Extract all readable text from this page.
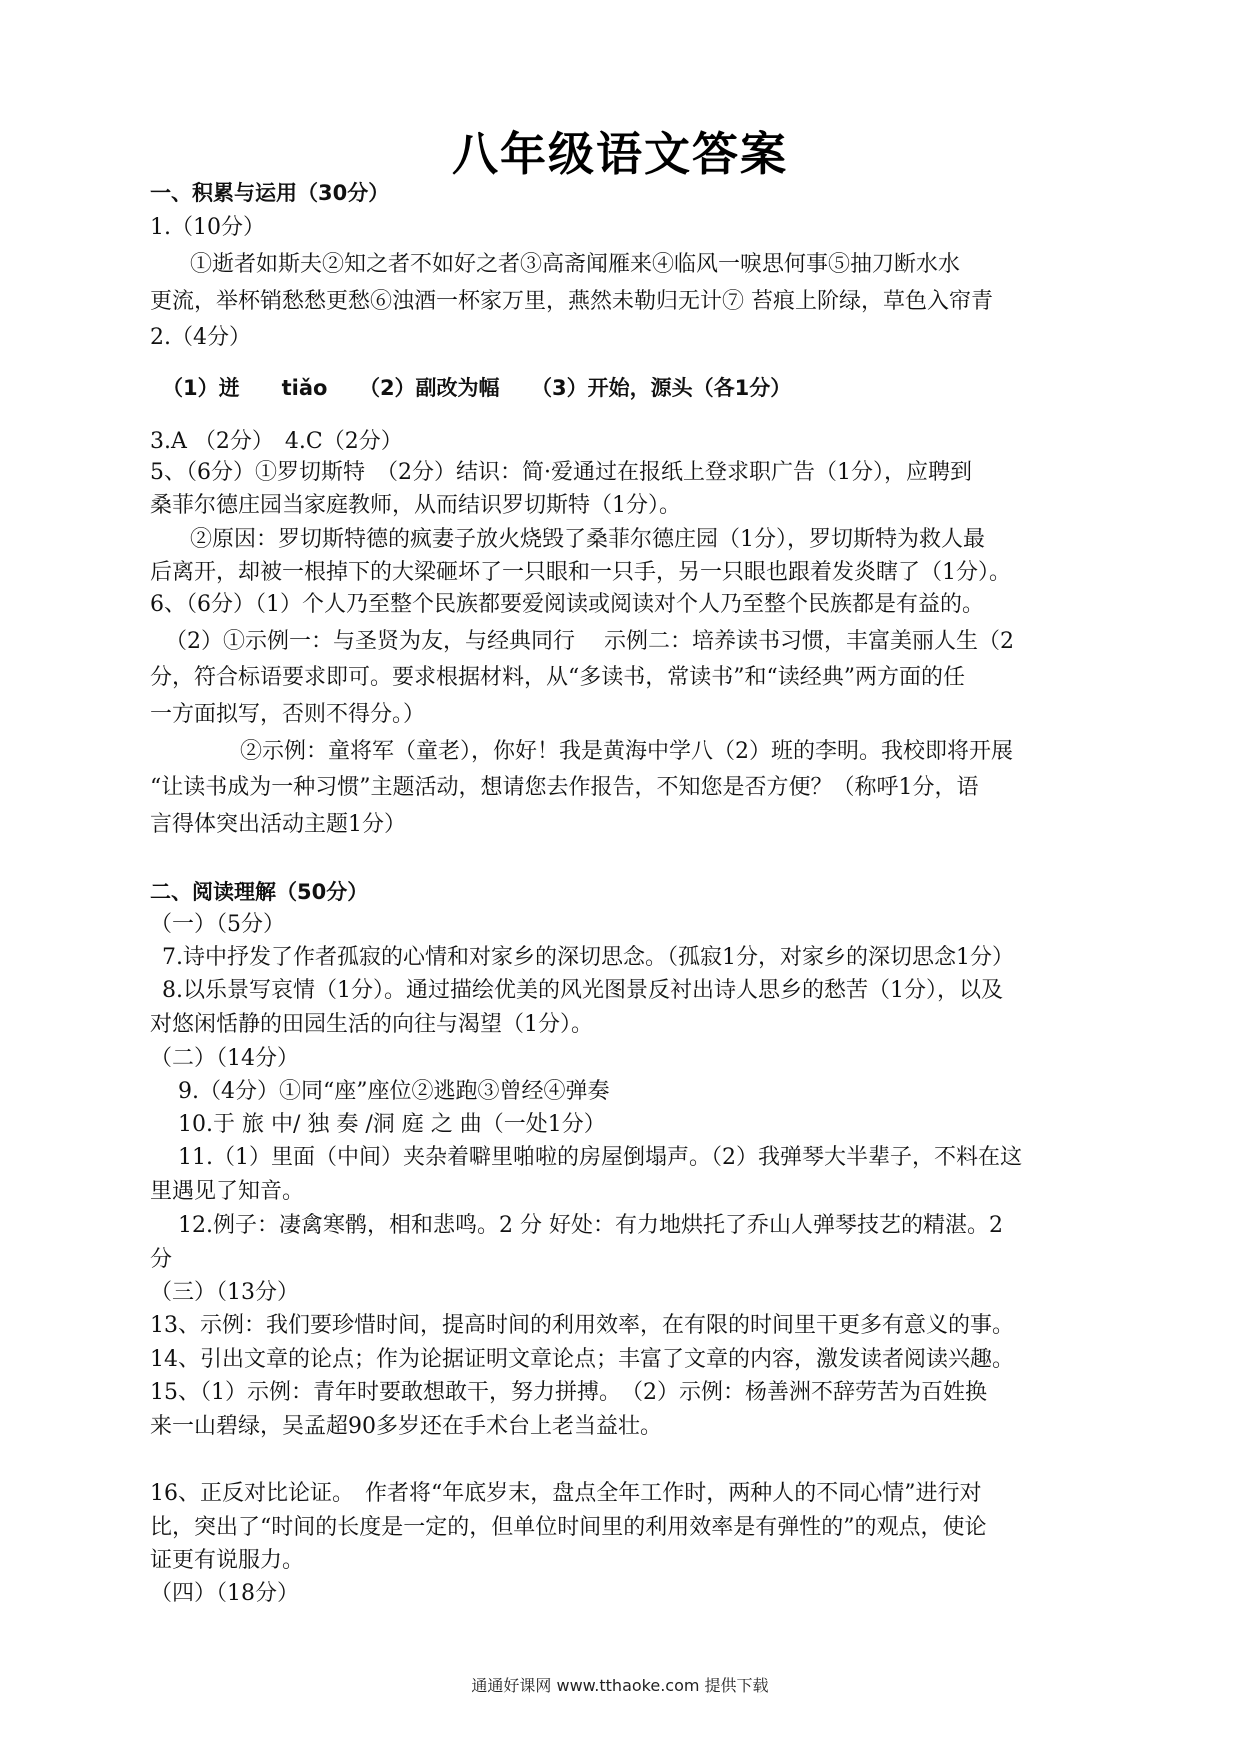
八年级语文答案
一、积累与运用（30分）
1.（10分）
①逝者如斯夫②知之者不如好之者③高斋闻雁来④临风一唳思何事⑤抽刀断水水
更流，举杯销愁愁更愁⑥浊酒一杯家万里，燕然未勒归无计⑦ 苔痕上阶绿，草色入帘青
2.（4分）
（1）迸　　tiǎo　　（2）副改为幅　　（3）开始，源头（各1分）
3.A （2分）　4.C（2分）
5、（6分）①罗切斯特　（2分）结识：简·爱通过在报纸上登求职广告（1分），应聘到
桑菲尔德庄园当家庭教师，从而结识罗切斯特（1分）。
②原因：罗切斯特德的疯妻子放火烧毁了桑菲尔德庄园（1分），罗切斯特为救人最
后离开，却被一根掉下的大梁砸坏了一只眼和一只手，另一只眼也跟着发炎瞎了（1分）。
6、（6分）（1）个人乃至整个民族都要爱阅读或阅读对个人乃至整个民族都是有益的。
（2）①示例一：与圣贤为友，与经典同行　 示例二：培养读书习惯，丰富美丽人生（2
分，符合标语要求即可。要求根据材料，从“多读书，常读书”和“读经典”两方面的任
一方面拟写，否则不得分。）
②示例：童将军（童老），你好！我是黄海中学八（2）班的李明。我校即将开展
“让读书成为一种习惯”主题活动，想请您去作报告，不知您是否方便？（称呼1分，语
言得体突出活动主题1分）
二、阅读理解（50分）
（一）（5分）
7.诗中抒发了作者孤寂的心情和对家乡的深切思念。（孤寂1分，对家乡的深切思念1分）
8.以乐景写哀情（1分）。通过描绘优美的风光图景反衬出诗人思乡的愁苦（1分），以及
对悠闲恬静的田园生活的向往与渴望（1分）。
（二）（14分）
9.（4分）①同“座”座位②逃跑③曾经④弹奏
10.于 旅 中/ 独 奏 /洞 庭 之 曲（一处1分）
11.（1）里面（中间）夹杂着噼里啪啦的房屋倒塌声。（2）我弹琴大半辈子，不料在这
里遇见了知音。
12.例子：凄禽寒鹘，相和悲鸣。2 分 好处：有力地烘托了乔山人弹琴技艺的精湛。2
分
（三）（13分）
13、示例：我们要珍惜时间，提高时间的利用效率，在有限的时间里干更多有意义的事。
14、引出文章的论点；作为论据证明文章论点；丰富了文章的内容，激发读者阅读兴趣。
15、（1）示例：青年时要敢想敢干，努力拼搏。　（2）示例：杨善洲不辞劳苦为百姓换
来一山碧绿，吴孟超90多岁还在手术台上老当益壮。
16、正反对比论证。　作者将“年底岁末，盘点全年工作时，两种人的不同心情”进行对
比，突出了“时间的长度是一定的，但单位时间里的利用效率是有弹性的”的观点，使论
证更有说服力。
（四）（18分）
通通好课网 www.tthaoke.com 提供下载
